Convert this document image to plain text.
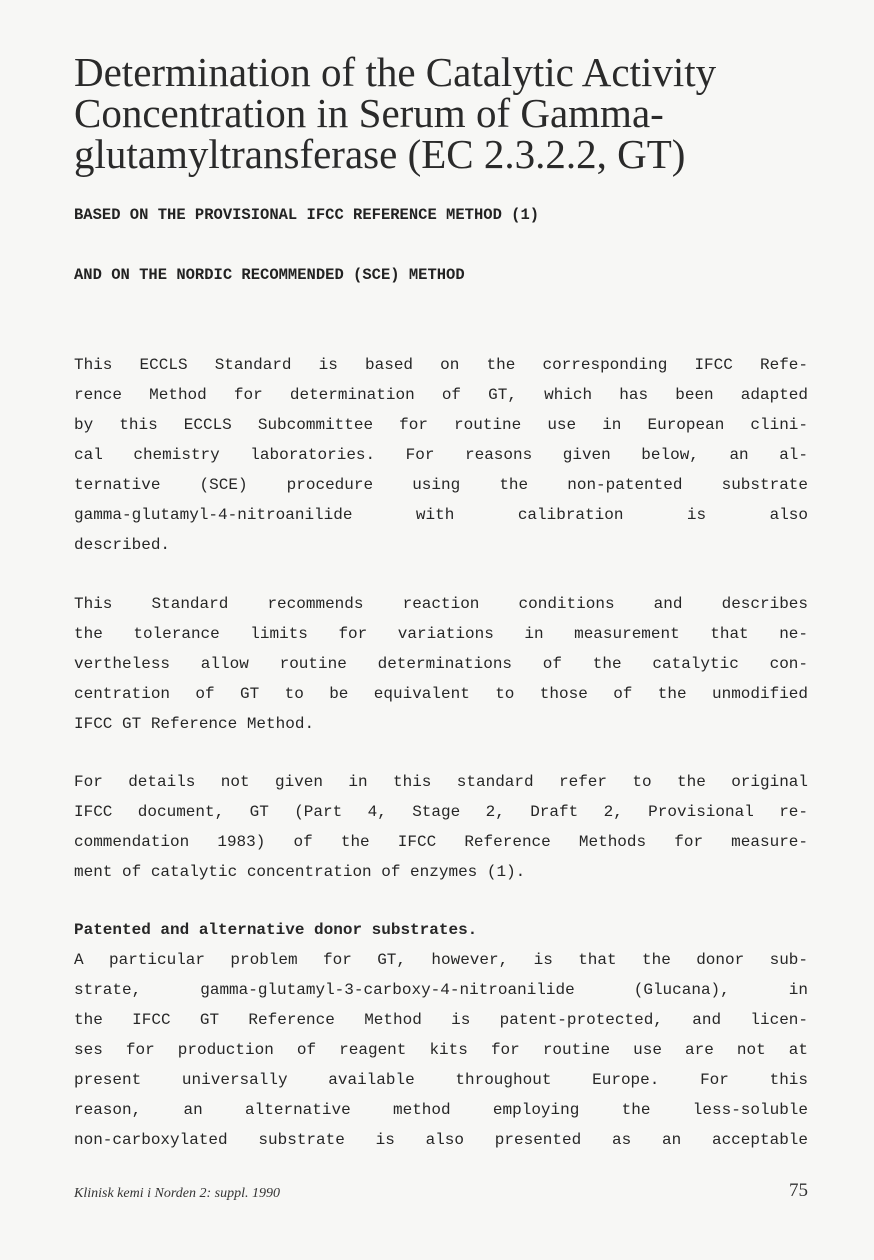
Determination of the Catalytic Activity
Concentration in Serum of Gamma-
glutamyltransferase (EC 2.3.2.2, GT)

BASED ON THE PROVISIONAL IFCC REFERENCE METHOD (1)

AND ON THE NORDIC RECOMMENDED (SCE) METHOD

This ECCLS Standard is based on the corresponding IFCC Refe-
rence Method for determination of GT, which has been adapted
by this ECCLS Subcommittee for routine use in European clini-
cal chemistry laboratories. For reasons given below, an al-
ternative (SCE) procedure using the non-patented substrate
gamma-glutamyl-4-nitroanilide with calibration is also
described.
This Standard recommends reaction conditions and describes
the tolerance limits for variations in measurement that ne-
vertheless allow routine determinations of the catalytic con-
centration of GT to be equivalent to those of the unmodified
IFCC GT Reference Method.
For details not given in this standard refer to the original
IFCC document, GT (Part 4, Stage 2, Draft 2, Provisional re-
commendation 1983) of the IFCC Reference Methods for measure-
ment of catalytic concentration of enzymes (1).
Patented and alternative donor substrates.
A particular problem for GT, however, is that the donor sub-
strate, gamma-glutamyl-3-carboxy-4-nitroanilide (Glucana), in
the IFCC GT Reference Method is patent-protected, and licen-
ses for production of reagent kits for routine use are not at
present universally available throughout Europe. For this
reason, an alternative method employing the less-soluble
non-carboxylated substrate is also presented as an acceptable
Klinisk kemi i Norden 2: suppl. 1990	75
